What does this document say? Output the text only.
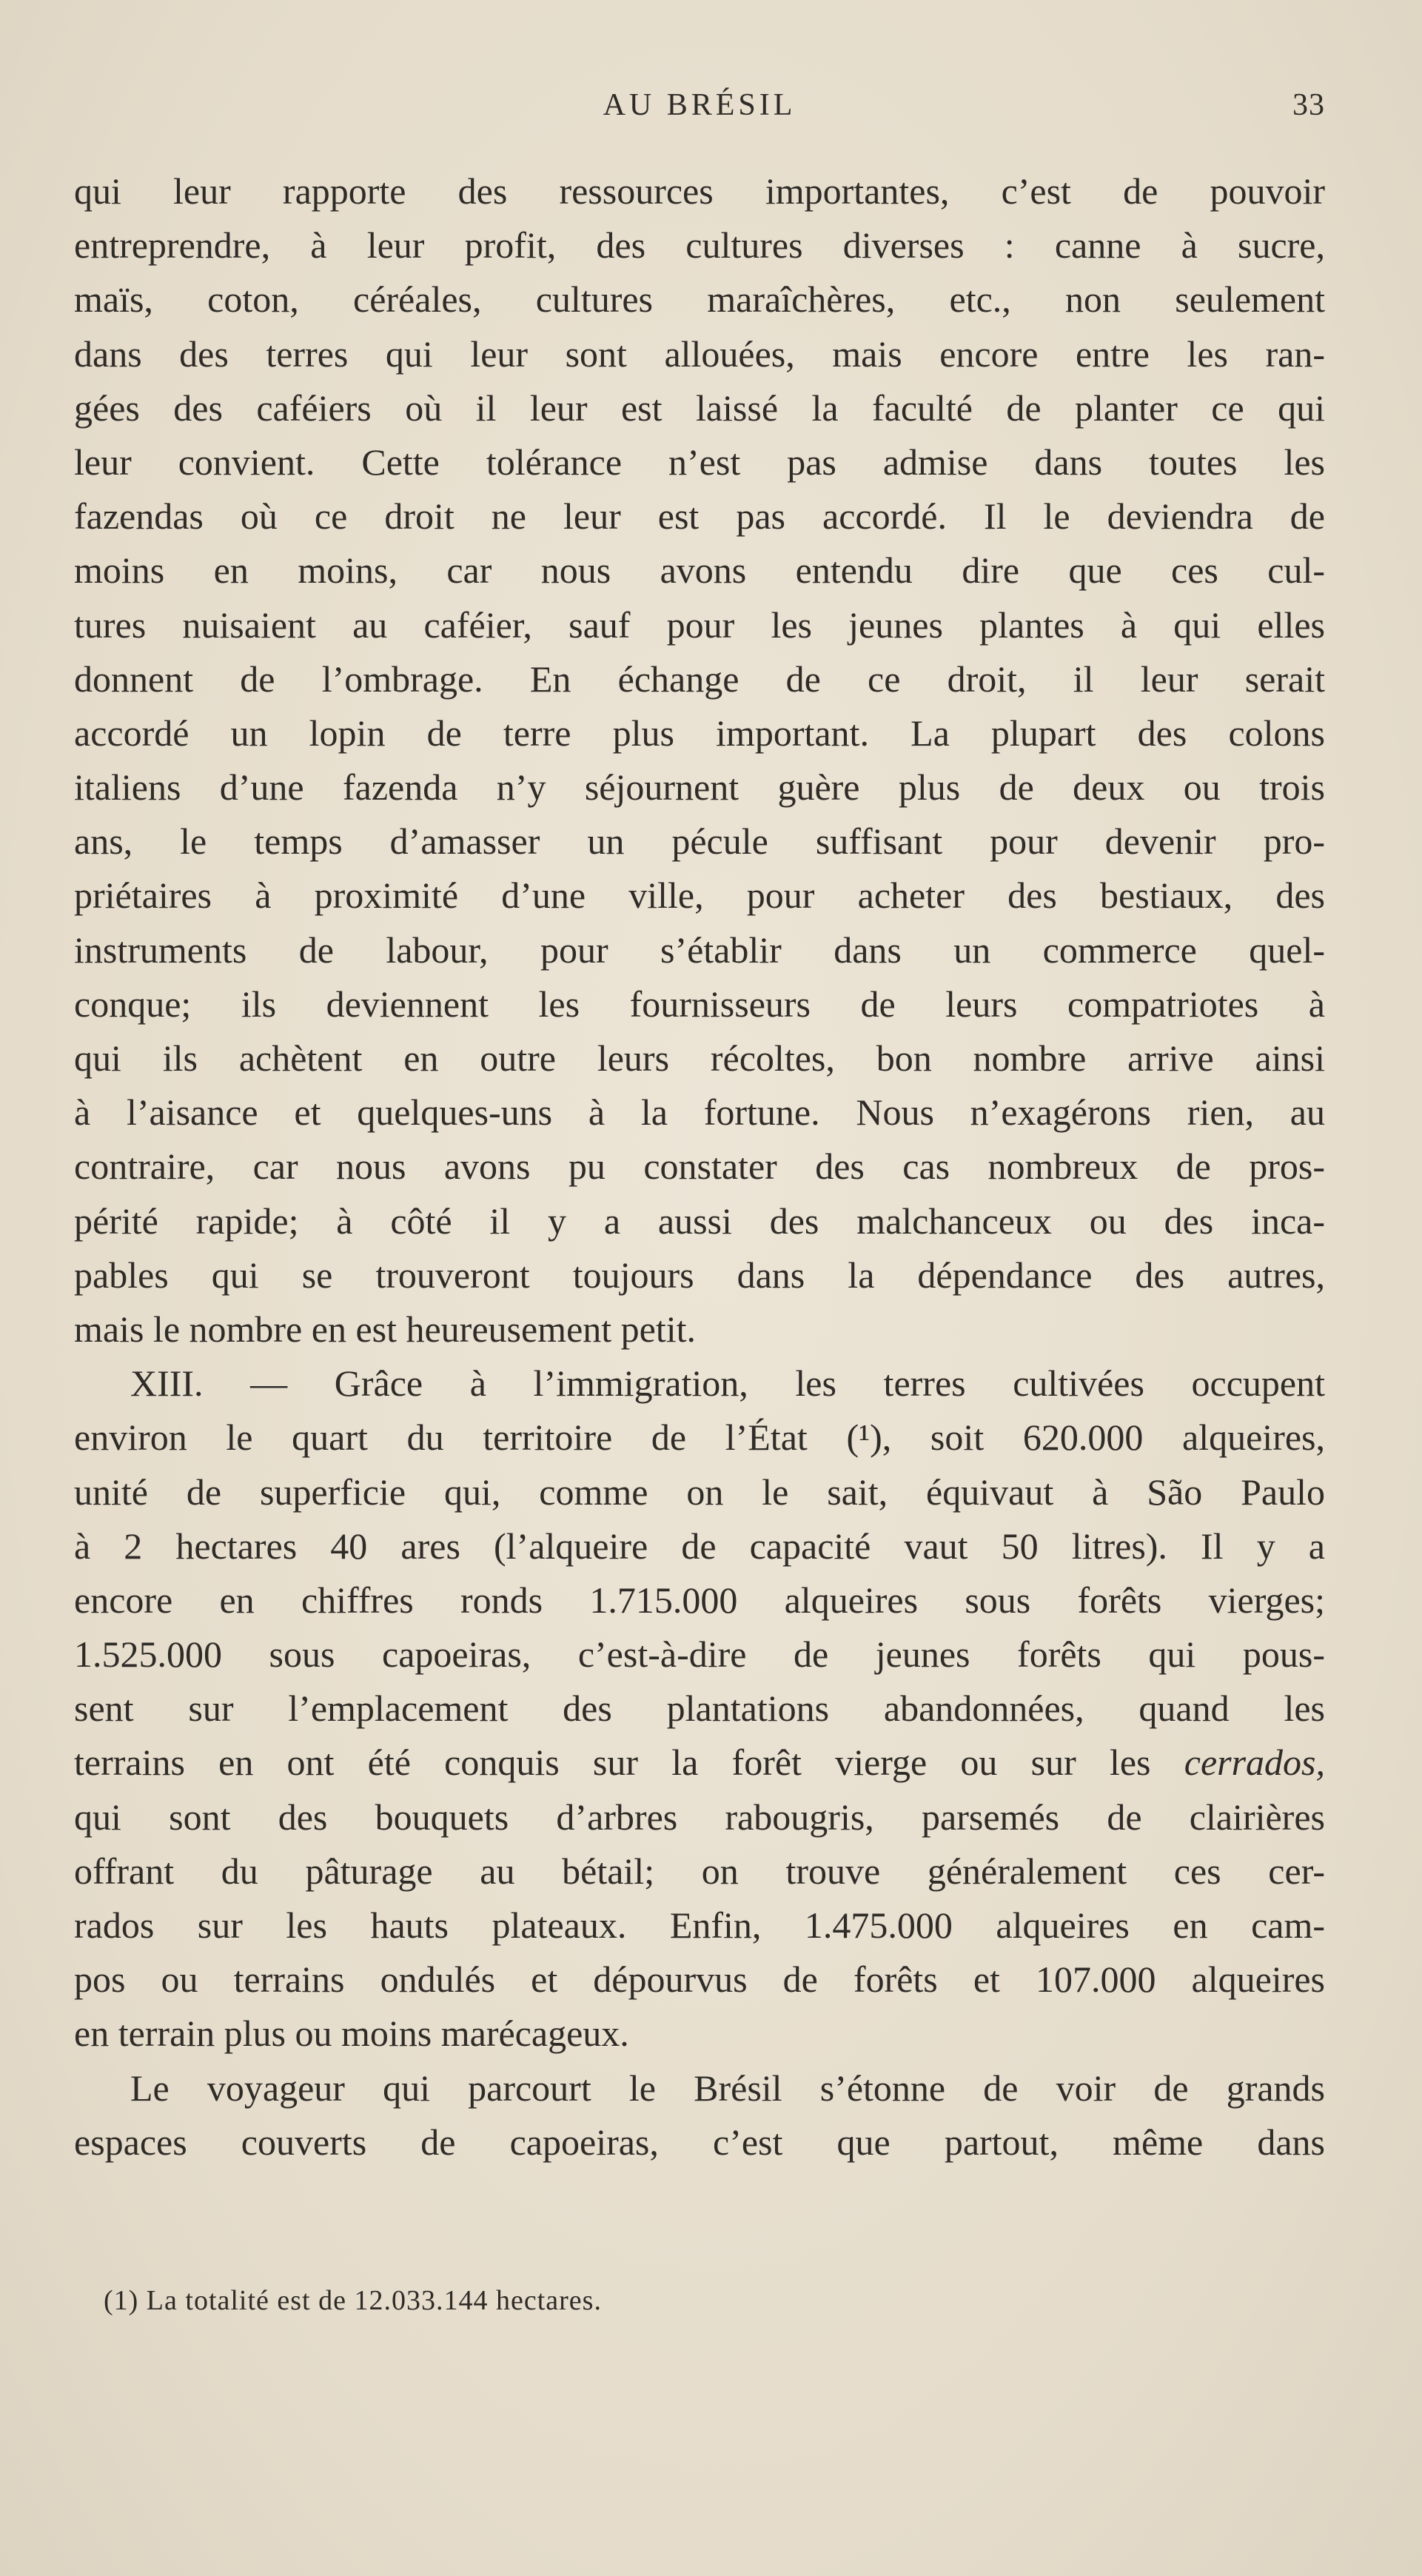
AU BRÉSIL	33
qui leur rapporte des ressources importantes, c’est de pouvoir
entreprendre, à leur profit, des cultures diverses : canne à sucre,
maïs, coton, céréales, cultures maraîchères, etc., non seulement
dans des terres qui leur sont allouées, mais encore entre les ran-
gées des caféiers où il leur est laissé la faculté de planter ce qui
leur convient. Cette tolérance n’est pas admise dans toutes les
fazendas où ce droit ne leur est pas accordé. Il le deviendra de
moins en moins, car nous avons entendu dire que ces cul-
tures nuisaient au caféier, sauf pour les jeunes plantes à qui elles
donnent de l’ombrage. En échange de ce droit, il leur serait
accordé un lopin de terre plus important. La plupart des colons
italiens d’une fazenda n’y séjournent guère plus de deux ou trois
ans, le temps d’amasser un pécule suffisant pour devenir pro-
priétaires à proximité d’une ville, pour acheter des bestiaux, des
instruments de labour, pour s’établir dans un commerce quel-
conque; ils deviennent les fournisseurs de leurs compatriotes à
qui ils achètent en outre leurs récoltes, bon nombre arrive ainsi
à l’aisance et quelques-uns à la fortune. Nous n’exagérons rien, au
contraire, car nous avons pu constater des cas nombreux de pros-
périté rapide; à côté il y a aussi des malchanceux ou des inca-
pables qui se trouveront toujours dans la dépendance des autres,
mais le nombre en est heureusement petit.
XIII. — Grâce à l’immigration, les terres cultivées occupent
environ le quart du territoire de l’État (¹), soit 620.000 alqueires,
unité de superficie qui, comme on le sait, équivaut à São Paulo
à 2 hectares 40 ares (l’alqueire de capacité vaut 50 litres). Il y a
encore en chiffres ronds 1.715.000 alqueires sous forêts vierges;
1.525.000 sous capoeiras, c’est-à-dire de jeunes forêts qui pous-
sent sur l’emplacement des plantations abandonnées, quand les
terrains en ont été conquis sur la forêt vierge ou sur les cerrados,
qui sont des bouquets d’arbres rabougris, parsemés de clairières
offrant du pâturage au bétail; on trouve généralement ces cer-
rados sur les hauts plateaux. Enfin, 1.475.000 alqueires en cam-
pos ou terrains ondulés et dépourvus de forêts et 107.000 alqueires
en terrain plus ou moins marécageux.
Le voyageur qui parcourt le Brésil s’étonne de voir de grands
espaces couverts de capoeiras, c’est que partout, même dans
(1) La totalité est de 12.033.144 hectares.
